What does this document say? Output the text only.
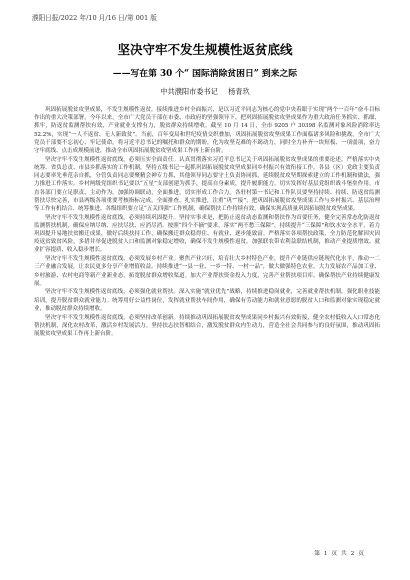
濮阳日报/2022 年/10 月/16 日/第 001 版
坚决守牢不发生规模性返贫底线
——写在第 30 个“ 国际消除贫困日” 到来之际
中共濮阳市委书记 杨青玖

巩固拓展脱贫攻坚成果，不发生规模性返贫，接续推进乡村全面振兴，是以习近平同志为核心的党中央着眼于实现“两个一百年”奋斗目标作出的重大决策部署。今年以来，全市广大党员干部在市委、市政府的坚强领导下，把巩固拓展脱贫攻坚成果作为重大政治任务抓实、抓细、抓牢，防返贫监测帮扶有效，产业就业支撑有力，脱贫群众持续增收。截至 10 月 14 日，全市 9205 户 30398 名监测对象风险消除率达 52.2%，实现“一人不返贫、无人新致贫”。当前，百年变局和世纪疫情交织叠加，巩固拓展脱贫攻坚成果工作面临诸多风险和挑战，全市广大党员干部要不忘初心、牢记使命，将习近平总书记的嘱托和群众的期盼，化为攻坚克难的不竭动力，同时全力补齐一块短板、一项弱项，奋力守牢底线、点击成规模前进，推动全市巩固拓展脱贫攻坚成果工作再上新台阶。

坚决守牢不发生规模性返贫底线，必须压实全面责任。认真贯彻落实习近平总书记关于巩固拓展脱贫攻坚成果的重要论述，严格落实中央统筹、省负总责、市县乡抓落实的工作机制，坚持五级书记一起抓巩固拓展脱贫攻坚成果同乡村振兴有效衔接工作。各县（区）党政主要负责同志要率先垂范亲自抓，分管负责同志要聚精会神专力抓，其他领导同志要守土负责协同抓，延续脱贫攻坚期探索建立的工作机制和做法，强力推进工作落实。乡村两级党组织书记要以“五星”支部创建为抓手，提高自身素质，提升履职能力，切实发挥好基层党组织战斗堡垒作用。市直各部门要立足职责、主动作为，加强协调联动，全面推进，切实形成工作合力。各驻村第一书记和工作队员要坚持持续、持续、防返贫监测帮扶尽快完善，市县两级各项重要考核指标完成，全面排查、扎实推进，注重“巩”“接”，把巩固拓展脱贫攻坚成果工作与乡村振兴、基层治理等工作有机结合、统筹推进，各级组织要立足“五关四强”工作机制，确保帮扶工作持续有效，确保实现高质量巩固拓展脱贫攻坚成果。

坚决守牢不发生规模性返贫底线，必须持续巩固提升。坚持实事求是，把防止返贫动态监测和帮扶作为首要任务，健全完善常态化防返贫监测帮扶机制，确保应纳尽纳、应扶尽扶、应消尽消。按照“四个不摘”要求，落实“两不愁三保障”，持续提升“三保障”和饮水安全水平，着力巩固提升易地扶贫搬迁成果，做好后续扶持工作，确保搬迁群众稳得住、有就业、逐步能致富。严格落实各项帮扶政策，全力防范化解因灾因疫返贫致贫风险，多措并举促进脱贫人口和监测对象稳定增收，确保不发生规模性返贫。加强联农带农利益联结机制，推动产业提质增效、就业扩容提质、收入稳步增长。

坚决守牢不发生规模性返贫底线，必须发展乡村产业。聚焦产业兴旺，培育壮大乡村特色产业，提升产业链供应链现代化水平，推动一二三产业融合发展，让农民更多分享产业增值收益。持续推进“一县一业、一乡一特、一村一品”，做大做强特色农业，大力发展农产品加工业、乡村旅游、农村电商等新产业新业态，拓宽脱贫群众增收渠道。加大产业帮扶资金投入力度，完善产业帮扶项目库，确保帮扶产业持续健康发展。

坚决守牢不发生规模性返贫底线，必须强化就业帮扶。深入实施“就业优先”战略，持续推进稳岗就业，完善就业帮扶机制，强化职业技能培训，提升脱贫群众就业能力。统筹用好公益性岗位，发挥就业帮扶车间作用，确保有劳动能力和就业意愿的脱贫人口和监测对象实现稳定就业，推动脱贫群众持续增收。

坚决守牢不发生规模性返贫底线，必须坚持改革创新。持续推动巩固拓展脱贫攻坚成果同乡村振兴有效衔接，健全农村低收入人口常态化帮扶机制，深化农村改革，激活乡村发展活力。坚持扶志扶智相结合，激发脱贫群众内生动力，营造全社会共同参与的良好氛围，推动巩固拓展脱贫攻坚成果工作再上新台阶。

第 1 页 共 2 页
